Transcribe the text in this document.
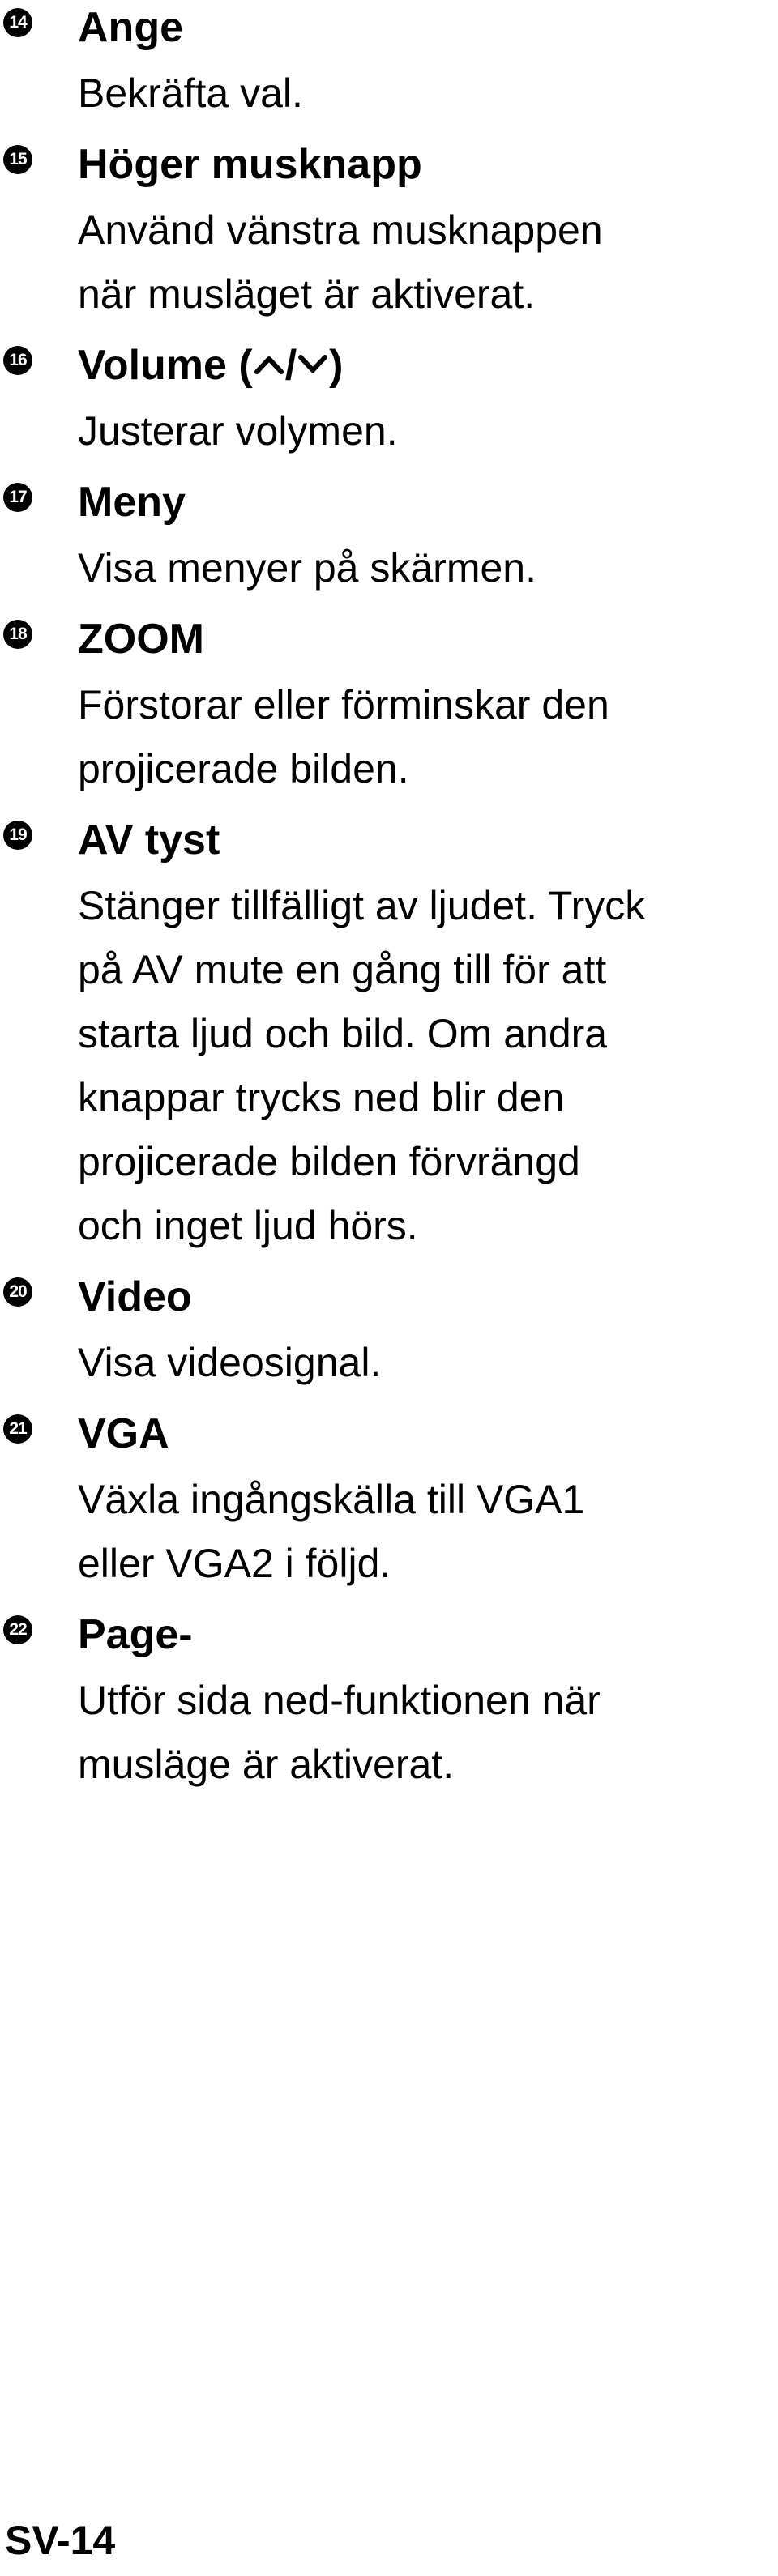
14 Ange
Bekräfta val.
15 Höger musknapp
Använd vänstra musknappen
när musläget är aktiverat.
16 Volume ( / )
Justerar volymen.
17 Meny
Visa menyer på skärmen.
18 ZOOM
Förstorar eller förminskar den
projicerade bilden.
19 AV tyst
Stänger tillfälligt av ljudet. Tryck
på AV mute en gång till för att
starta ljud och bild. Om andra
knappar trycks ned blir den
projicerade bilden förvrängd
och inget ljud hörs.
20 Video
Visa videosignal.
21 VGA
Växla ingångskälla till VGA1
eller VGA2 i följd.
22 Page-
Utför sida ned-funktionen när
musläge är aktiverat.
SV-14
